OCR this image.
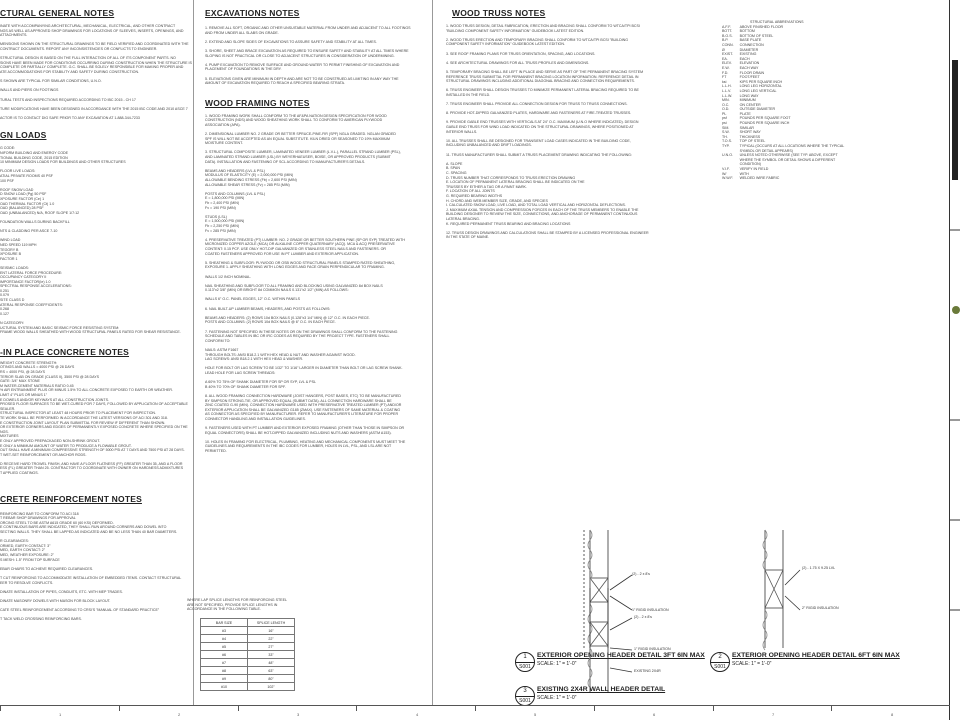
CTURAL GENERAL NOTES
INATE WITH ACCOMPANYING ARCHITECTURAL, MECHANICAL, ELECTRICAL, AND OTHER CONTRACT
NGS AS WELL AS APPROVED SHOP DRAWINGS FOR LOCATIONS OF SLEEVES, INSERTS, OPENINGS, AND
ATTACHMENTS.

MENSIONS SHOWN ON THE STRUCTURAL DRAWINGS TO BE FIELD VERIFIED AND COORDINATED WITH THE
CONTRACT DOCUMENTS. REPORT ANY INCONSISTENCIES OR CONFLICTS TO ENGINEER.

STRUCTURAL DESIGN IS BASED ON THE FULL INTERACTION OF ALL OF ITS COMPONENT PARTS. NO
SIONS HAVE BEEN MADE FOR CONDITIONS OCCURRING DURING CONSTRUCTION WHEN THE STRUCTURE IS
COMPLETE OR PARTIALLY COMPLETE. G.C. SHALL BE SOLELY RESPONSIBLE FOR MAKING PROPER AND
ATE ACCOMMODATIONS FOR STABILITY AND SAFETY DURING CONSTRUCTION.

S SHOWN ARE TYPICAL FOR SIMILAR CONDITIONS, U.N.O.

WALLS AND PIERS ON FOOTINGS

TURAL TESTS AND INSPECTIONS REQUIRED ACCORDING TO IBC 2015 - CH 17

TURE MODIFICATIONS HAVE BEEN DESIGNED IN ACCORDANCE WITH THE 2015 IBC CODE AND 2010 ASCE 7

ACTOR IS TO CONTACT DIG SAFE PRIOR TO ANY EXCAVATION AT 1-888-344-7233
GN LOADS
G CODE:
NIFORM BUILDING AND ENERGY CODE
TIONAL BUILDING CODE, 2015 EDITION
10 MINIMUM DESIGN LOADS FOR BUILDINGS AND OTHER STRUCTURES

FLOOR LIVE LOADS:
ATIAL PRIVATE ROOMS 40 PSF
100 PSF

ROOF SNOW LOAD
D SNOW LOAD (Pg) 50 PSF
XPOSURE FACTOR (Ce) 1
OAD THERMAL FACTOR (Ct) 1.0
OAD (BALANCED) 28 PSF
OAD (UNBALANCED) N/A, ROOF SLOPE 1/7:12

FOUNDATION WALLS DURING BACKFILL

NTS & CLADDING PER ASCE 7-10

WIND LOAD
NED SPEED 119 MPH
TEGORY B
XPOSURE B
FACTOR 1

SEISMIC LOADS:
ENT LATERAL FORCE PROCEDURE:
OCCUPANCY CATEGORY II
IMPORTANCE FACTOR(Ie) 1.0
SPECTRAL RESPONSE ACCELERATIONS:
0.251
0.079
SITE CLASS D
ATERAL RESPONSE COEFFICIENTS:
0.268
0.127

N CATEGORY:
UCTURAL SYSTEM AND BASIC SEISMIC FORCE RESISTING SYSTEM:
FRAME WOOD WALLS SHEATHED WITH WOOD STRUCTURAL PANELS RATED FOR SHEAR RESISTANCE.
-IN PLACE CONCRETE NOTES
WEIGHT CONCRETE STRENGTH:
OTINGS AND WALLS = 4000 PSI @ 28 DAYS
RS = 4000 PSI, @ 28 DAYS
TERIOR SLAB ON GRADE (CLASS II), 3500 PSI @ 28 DAYS
GATE: 3/4" MAX STONE
M WATER-CEMENT MATERIALS RATIO 0.45
% AIR ENTRAINMENT PLUS OR MINUS 1.5% TO ALL CONCRETE EXPOSED TO EARTH OR WEATHER.
LIMIT 4" PLUS OR MINUS 1"
E DOWELS AND/OR KEYWAYS AT ALL CONSTRUCTION JOINTS.
PROSED FLOOR SURFACES TO BE WET-CURED FOR 7 DAYS, FOLLOWED BY APPLICATION OF ACCEPTABLE
SEALER.
STRUCTURAL INSPECTOR AT LEAST 48 HOURS PRIOR TO PLACEMENT FOR INSPECTION.
TE WORK SHALL BE PERFORMED IN ACCORDANCE THE LATEST VERSIONS OF ACI 301 AND 318.
E CONSTRUCTION JOINT LAYOUT PLAN SUBMITTAL FOR REVIEW IF DIFFERENT THAN SHOWN.
OR EXTERIOR CORNERS AND EDGES OF PERMANENTLY EXPOSED CONCRETE WHERE SPECIFIED ON THE
NGS.
MIXTURES
E ONLY APPROVED PREPACKAGED NON-SHRINK GROUT.
E ONLY A MINIMUM AMOUNT OF WATER TO PRODUCE A FLOWABLE GROUT.
OUT SHALL HAVE A MINIMUM COMPRESSIVE STRENGTH OF 5000 PSI AT 7 DAYS AND 7500 PSI AT 28 DAYS.
T WET-SET REINFORCEMENT OR ANCHOR RODS.

D RECEIVE HARD TROWEL FINISH, AND HAVE A FLOOR FLATNESS (FF) GREATER THAN 35, AND A FLOOR
ESS (FL) GREATER THAN 25. CONTRACTOR TO COORDINATE WITH OWNER ON HARDNESS ADMIXTURES
T APPLIED COATINGS.
CRETE REINFORCEMENT NOTES
REINFORCING BAR TO CONFORM TO ACI 318
T REBAR SHOP DRAWINGS FOR APPROVAL
ORCING STEEL TO BE ASTM A615 GRADE 60 (60 KSI) DEFORMED.
E CONTINUOUS BARS ARE INDICATED, THEY SHALL RUN AROUND CORNERS AND DOWEL INTO
SECTING WALLS. THEY SHALL BE LAPPED AS INDICATED AND BE NO LESS THAN 40 BAR DIAMETERS.

R CLEARANCES:
ORMED, EARTH CONTACT: 3"
MED, EARTH CONTACT: 2"
MED, WEATHER EXPOSURE: 2"
S MESH: 1.5" FROM TOP SURFACE

EBAR CHAIRS TO ACHIEVE REQUIRED CLEARANCES.

T CUT REINFORCING TO ACCOMMODATE INSTALLATION OF EMBEDDED ITEMS. CONTACT STRUCTURAL
EER TO RESOLVE CONFLICTS.

DINATE INSTALLATION OF PIPES, CONDUITS, ETC. WITH MEP TRADES.

DINATE MASONRY DOWELS WITH MASON FOR BLOCK LAYOUT.

CATE STEEL REINFORCEMENT ACCORDING TO CRSI'S "MANUAL OF STANDARD PRACTICE"

T TACK WELD CROSSING REINFORCING BARS.
EXCAVATIONS NOTES
1. REMOVE ALL SOFT, ORGANIC AND OTHER UNSUITABLE MATERIAL FROM UNDER AND ADJACENT TO ALL FOOTINGS
AND FROM UNDER ALL SLABS ON GRADE.

2. EXTEND AND SLOPE SIDES OF EXCAVATIONS TO ASSURE SAFETY AND STABILITY AT ALL TIMES.

3. SHORE, SHEET AND BRACE EXCAVATION AS REQUIRED TO ENSURE SAFETY AND STABILITY AT ALL TIMES WHERE
SLOPING IS NOT PRACTICAL OR CLOSE TO ADJACENT STRUCTURES IN CONSIDERATION OF UNDERMINING.

4. PUMP EXCAVATION TO REMOVE SURFACE AND GROUND WATER TO PERMIT FINISHING OF EXCAVATION AND
PLACEMENT OF FOUNDATIONS IN THE DRY.

5. ELEVATIONS GIVEN ARE MINIMUM IN DEPTH AND ARE NOT TO BE CONSTRUED AS LIMITING IN ANY WAY THE
AMOUNT OF EXCAVATION REQUIRED TO REACH A SPECIFIED BEARING STRATA.
WOOD FRAMING NOTES
1. WOOD FRAMING WORK SHALL CONFORM TO THE AF&PA NATION DESIGN SPECIFICATION FOR WOOD
CONSTRUCTION (NDS) AND WOOD SHEATHING WORK SHALL TO CONFORM TO AMERICAN PLYWOOD
ASSOCIATION (APA).

2. DIMENSIONAL LUMBER NO. 2 GRADE OR BETTER SPRUCE-PINE-FIR (SPF) NGLA GRADED. NGLAN GRADED
SPF IS WILL NOT BE ACCEPTED AS AN EQUAL SUBSTITUTE. KILN DRIED OR SEASONED TO 19% MAXIMUM
MOISTURE CONTENT.

3. STRUCTURAL COMPOSITE LUMBER, LAMINATED VENEER LUMBER (L.V.L.), PARALLEL STRAND LUMBER (PSL),
AND LAMINATED STRAND LUMBER (LSL) BY WEYERHAEUSER, BOISE, OR APPROVED PRODUCTS (SUBMIT
DATA). INSTALLATION AND FASTENING OF SCL ACCORDING TO MANUFACTURER'S DETAILS.

BEAMS AND HEADERS (LVL & PSL)
MODULUS OF ELASTICITY (E) = 2,000,000 PSI (MIN)
ALLOWABLE BENDING STRESS (Fb) = 2,600 PSI (MIN)
ALLOWABLE SHEAR STRESS (Fv) = 285 PSI (MIN)

POSTS AND COLUMNS (LVL & PSL)
E = 1,800,000 PSI (MIN)
Fb = 2,400 PSI (MIN)
Fv = 190 PSI (MIN)

STUDS (LSL)
E = 1,500,000 PSI (MIN)
Fb = 2,250 PSI (MIN)
Fv = 285 PSI (MIN)

4. PRESERVATIVE TREATED (PT) LUMBER: NO. 2 GRADE OR BETTER SOUTHERN PINE (SP OR SYP) TREATED WITH
MICRONIZED COPPER AZOLE (MCA) OR ALKALINE COPPER QUATERNARY (ACQ). MCA & ACQ PRESERVATIVE
CONTENT: 0.15 PCF. USE ONLY HOT-DIP GALVANIZED OR STAINLESS STEEL NAILS AND FASTENERS. OR
COATED FASTENERS APPROVED FOR USE IN PT LUMBER AND EXTERIOR APPLICATION.

5. SHEATHING & SUBFLOOR: PLYWOOD OR OSB WOOD STRUCTURAL PANELS STAMPED RATED SHEATHING,
EXPOSURE 1. APPLY SHEATHING WITH LONG EDGES AND FACE GRAIN PERPENDICULAR TO FRAMING.

WALLS 1/2 INCH NOMINAL.

NAIL SHEATHING AND SUBFLOOR TO ALL FRAMING AND BLOCKING USING GALVANIZED 8d BOX NAILS
0.113"x2 3/8" (MIN) OR BRIGHT 8d COMMON NAILS 0.131"x2 1/2" (MIN) AS FOLLOWS:

WALLS 6" O.C. PANEL EDGES, 12" O.C. WITHIN PANELS

6. NAIL BUILT-UP LUMBER BEAMS, HEADERS, AND POSTS AS FOLLOWS:

BEAMS AND HEADERS: (2) ROWS 10d BOX NAILS (0.128"x3 1/4" MIN) @ 12" O.C. IN EACH PIECE.
POSTS AND COLUMNS: (2) ROWS 10d BOX NAILS @ 6" O.C. IN EACH PIECE.

7. FASTENING NOT SPECIFIED IN THESE NOTES OR ON THE DRAWINGS SHALL CONFORM TO THE FASTENING
SCHEDULE AND TABLES IN IBC OR IRC CODES AS REQUIRED BY THE PROJECT TYPE. FASTENERS SHALL
CONFORM TO:

NAILS: ASTM F1667
THROUGH BOLTS: ANSI B18.2.1 WITH HEX HEAD & NUT AND WASHER AGAINST WOOD.
LAG SCREWS: ANSI B18.2.1 WITH HEX HEAD & WASHER.

HOLE FOR BOLT OR LAG SCREW TO BE 1/32" TO 1/16" LARGER IN DIAMETER THAN BOLT OR LAG SCREW SHANK.
LEAD HOLE FOR LAG SCREW THREADS:

A 60% TO 75% OF SHANK DIAMETER FOR SP OR SYP, LVL & PSL
B 40% TO 70% OF SHANK DIAMETER FOR SPF.

8. ALL WOOD FRAMING CONNECTION HARDWARE (JOIST HANGERS, POST BASES, ETC) TO BE MANUFACTURED
BY SIMPSON STRONG-TIE, OR APPROVED EQUAL (SUBMIT DATA). ALL CONNECTION HARDWARE SHALL BE
ZINC COATED G-90 (MIN). CONNECTION HARDWARE USED WITH PRESERVATIVE TREATED LUMBER (PT) AND/OR
EXTERIOR APPLICATION SHALL BE GALVANIZED G185 (ZMAX). USE FASTENERS OF SAME MATERIAL & COATING
AS CONNECTOR AS SPECIFIED BY MANUFACTURER. REFER TO MANUFACTURER'S LITERATURE FOR PROPER
CONNECTOR HANDLING AND INSTALLATION GUIDELINES.

9. FASTENERS USED WITH PT LUMBER AND EXTERIOR EXPOSED FRAMING (OTHER THAN THOSE IN SIMPSON OR
EQUAL CONNECTORS) SHALL BE HOT-DIPPED GALVANIZED INCLUDING NUTS AND WASHERS (ASTM A153).

10. HOLES IN FRAMING FOR ELECTRICAL, PLUMBING, HEATING AND MECHANICAL COMPONENTS MUST MEET THE
GUIDELINES AND REQUIREMENTS IN THE IBC CODES FOR LUMBER, HOLES IN LVL, PSL, AND LSL ARE NOT
PERMITTED.
WHERE LAP SPLICE LENGTHS FOR REINFORCING STEEL
ARE NOT SPECIFIED, PROVIDE SPLICE LENGTHS IN
ACCORDANCE IN THE FOLLOWING TABLE.
BAR SIZE	SPLICE LENGTH
#3	16"
#4	22"
#5	27"
#6	33"
#7	48"
#8	63"
#9	80"
#10	102"
WOOD TRUSS NOTES
1. WOOD TRUSS DESIGN, DETAIL FABRICATION, ERECTION AND BRACING SHALL CONFORM TO WTCA/TPI BCSI
"BUILDING COMPONENT SAFETY INFORMATION" GUIDEBOOK LATEST EDITION.

2. WOOD TRUSS ERECTION AND TEMPORARY BRACING SHALL CONFORM TO WTCA/TPI BCSI "BUILDING
COMPONENT SAFETY INFORMATION" GUIDEBOOK LATEST EDITION.

3. SEE ROOF FRAMING PLANS FOR TRUSS ORIENTATION, SPACING, AND LOCATIONS.

4. SEE ARCHITECTURAL DRAWINGS FOR ALL TRUSS PROFILES AND DIMENSIONS.

5. TEMPORARY BRACING SHALL BE LEFT IN PLACE AND SERVE AS PART OF THE PERMANENT BRACING SYSTEM
REFERENCE TRUSS SUBMITTAL FOR PERMANENT BRACING LOCATION INFORMATION. REFERENCE DETAIL IN
STRUCTURAL DRAWINGS INCLUDING ADDITIONAL DIAGONAL BRACING AND CONNECTION REQUIREMENTS.

6. TRUSS ENGINEER SHALL DESIGN TRUSSES TO MINIMIZE PERMANENT LATERAL BRACING REQUIRED TO BE
INSTALLED IN THE FIELD.

7. TRUSS ENGINEER SHALL PROVIDE ALL CONNECTION DESIGN FOR TRUSS TO TRUSS CONNECTIONS.

8. PROVIDE HOT-DIPPED GALVANIZED PLATES, HARDWARE AND FASTENERS AT FIRE-TREATED TRUSSES.

9. PROVIDE GABLE END TRUSSES WITH VERTICALS AT 24" O.C. MAXIMUM (U.N.O WHERE INDICATED). DESIGN
GABLE END TRUSS FOR WIND LOAD INDICATED ON THE STRUCTURAL DRAWINGS, WHERE POSITIONED AT
INTERIOR WALLS.

10. ALL TRUSSES SHALL BE DESIGNED FOR TRANSIENT LOAD CASES INDICATED IN THE BUILDING CODE,
INCLUDING UNBALANCED AND DRIFT LOADINGS.

11. TRUSS MANUFACTURER SHALL SUBMIT A TRUSS PLACEMENT DRAWING INDICATING THE FOLLOWING:

A. SLOPE
B. SPAN
C. SPACING
D. TRUSS NUMBER THAT CORRESPONDS TO TRUSS ERECTION DRAWING
E. LOCATION OF PERMANENT LATERAL BRACING SHALL BE INDICATED ON THE
TRUSSES BY EITHER A TAG OR A PAINT MARK.
F. LOCATION OF ALL JOINTS
G. REQUIRED BEARING WIDTHS
H. CHORD AND WEB MEMBER SIZE, GRADE, AND SPECIES
I. CALCULATED SNOW LOAD, LIVE LOAD, AND TOTAL LOAD VERTICAL AND HORIZONTAL DEFLECTIONS.
J. MAXIMUM AXIAL TENSION AND COMPRESSION FORCES IN EACH OF THE TRUSS MEMBERS TO ENABLE THE
BUILDING DESIGNER TO REVIEW THE SIZE, CONNECTIONS, AND ANCHORAGE OF PERMANENT CONTINUOUS
LATERAL BRACING.
K. REQUIRED PERMANENT TRUSS BEARING AND BRACING LOCATIONS

12. TRUSS DESIGN DRAWINGS AND CALCULATIONS SHALL BE STAMPED BY A LICENSED PROFESSIONAL ENGINEER
IN THE STATE OF MAINE.
STRUCTURAL ABBREVIATIONS
A.F.F.	ABOVE FINISHED FLOOR
BOTT.	BOTTOM
B.O.S.	BOTTOM OF STEEL
B.P.	BASE PLATE
CONN.	CONNECTION
Ø	DIAMETER
EXIST.	EXISTING
EA.	EACH
ELEV.	ELEVATION
E.W.	EACH WAY
F.D.	FLOOR DRAIN
FT	FOOT/FEET
ksi	KIPS PER SQUARE INCH
L.L.H.	LONG LEG HORIZONTAL
L.L.V.	LONG LEG VERTICAL
L.L.W.	LONG WAY
MIN.	MINIMUM
O.C.	ON CENTER
O.D.	OUTSIDE DIAMETER
PL	PLATE
psf	POUNDS PER SQUARE FOOT
psi	POUNDS PER SQUARE INCH
SIM.	SIMILAR
S.W.	SHORT WAY
TH.	THICKNESS
T.O.S.	TOP OF STEEL
TYP.	TYPICAL (OCCURS AT ALL LOCATIONS WHERE THE TYPICAL
	SYMBOL OR DETAIL APPEARS)
U.N.O.	UNLESS NOTED OTHERWISE (SEE TYP. ABOVE, EXCEPT
	WHERE THE SYMBOL OR DETAIL SHOWS A DIFFERENT
	CONDITION)
V.I.F.	VERIFY IN FIELD
W/	WITH
W.W.F.	WELDED WIRE FABRIC
(2) - 2 x 8's
1" RIGID INSULATION
(2) - 1.75 X 9.25 LVL
2" RIGID INSULATION
1
S001
EXTERIOR OPENING HEADER DETAIL 3FT 6IN MAX
SCALE: 1" = 1'-0"
2
S001
EXTERIOR OPENING HEADER DETAIL 6FT 6IN MAX
SCALE: 1" = 1'-0"
3
S001
EXISTING 2X4R WALL HEADER DETAIL
SCALE: 1" = 1'-0"
1	2	3	4	5	6	7	8
(2) - 2 x 8's
1" RIGID INSULATION
EXISTING 2X4R
